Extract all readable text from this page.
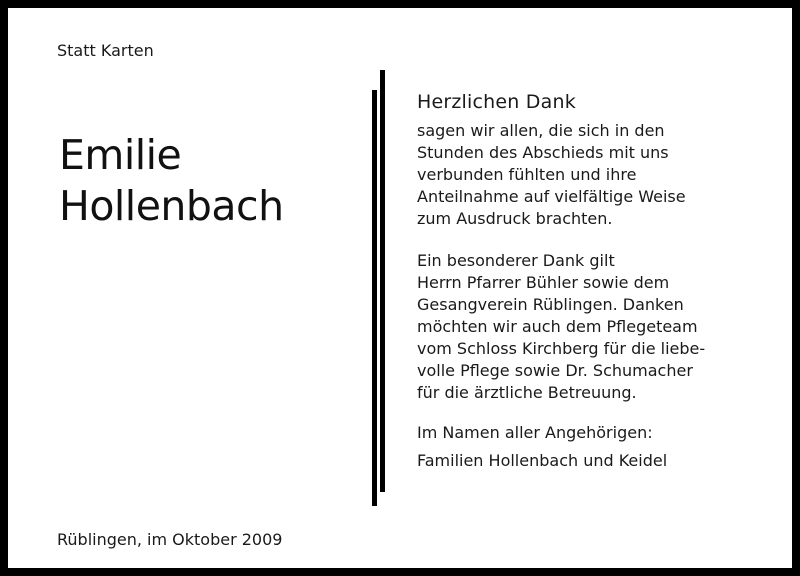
Statt Karten
Emilie
Hollenbach
Rüblingen, im Oktober 2009
Herzlichen Dank

sagen wir allen, die sich in den
Stunden des Abschieds mit uns
verbunden fühlten und ihre
Anteilnahme auf vielfältige Weise
zum Ausdruck brachten.

Ein besonderer Dank gilt
Herrn Pfarrer Bühler sowie dem
Gesangverein Rüblingen. Danken
möchten wir auch dem Pflegeteam
vom Schloss Kirchberg für die liebe-
volle Pflege sowie Dr. Schumacher
für die ärztliche Betreuung.

Im Namen aller Angehörigen:

Familien Hollenbach und Keidel
